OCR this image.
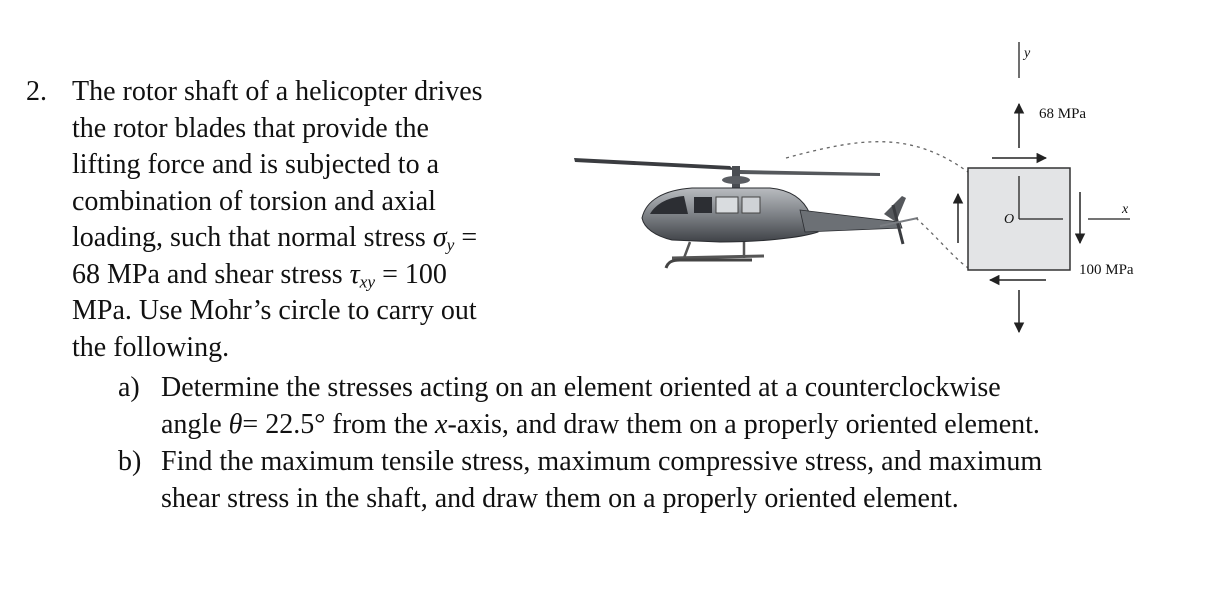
2. The rotor shaft of a helicopter drives
the rotor blades that provide the
lifting force and is subjected to a
combination of torsion and axial
loading, such that normal stress $\sigma_y$ =
68 MPa and shear stress $\tau_{xy} = 100$
MPa. Use Mohr’s circle to carry out
the following.
a) Determine the stresses acting on an element oriented at a counterclockwise
angle θ= 22.5° from the x-axis, and draw them on a properly oriented element.
b) Find the maximum tensile stress, maximum compressive stress, and maximum
shear stress in the shaft, and draw them on a properly oriented element.
y
x
O
68 MPa
100 MPa
